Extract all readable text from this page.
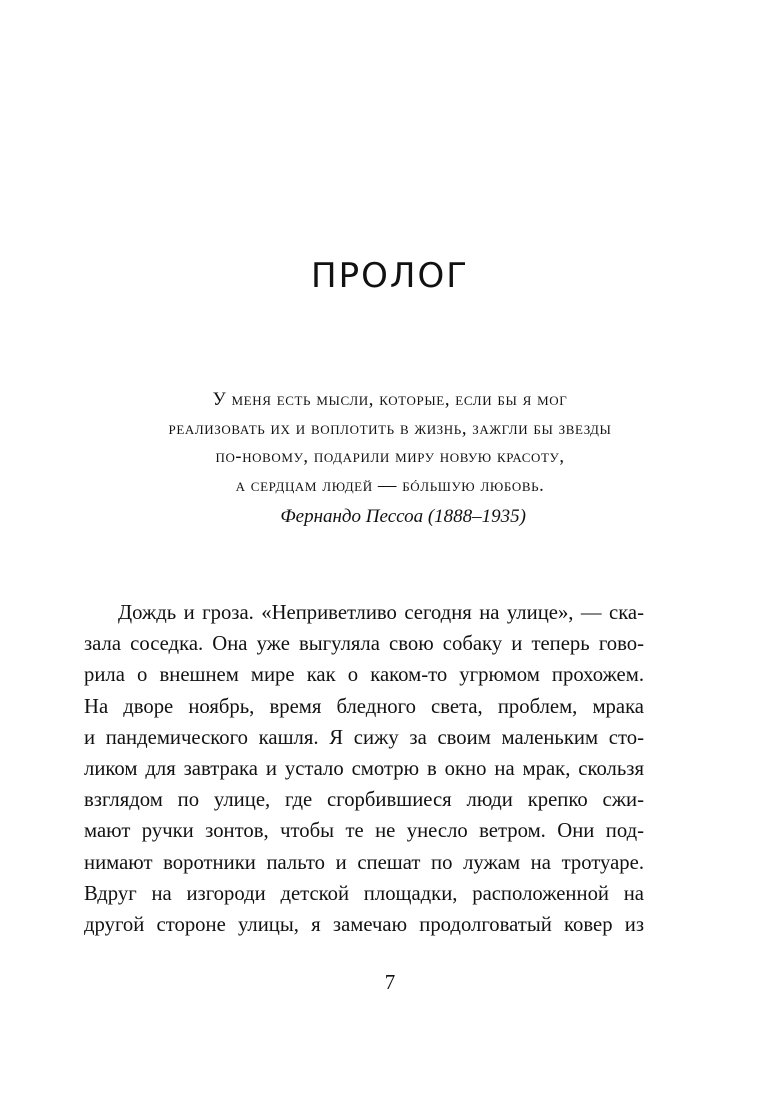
ПРОЛОГ
У меня есть мысли, которые, если бы я мог
реализовать их и воплотить в жизнь, зажгли бы звезды
по-новому, подарили миру новую красоту,
а сердцам людей — бóльшую любовь.
Фернандо Пессоа (1888–1935)
Дождь и гроза. «Неприветливо сегодня на улице», — ска-
зала соседка. Она уже выгуляла свою собаку и теперь гово-
рила о внешнем мире как о каком-то угрюмом прохожем.
На дворе ноябрь, время бледного света, проблем, мрака
и пандемического кашля. Я сижу за своим маленьким сто-
ликом для завтрака и устало смотрю в окно на мрак, скользя
взглядом по улице, где сгорбившиеся люди крепко сжи-
мают ручки зонтов, чтобы те не унесло ветром. Они под-
нимают воротники пальто и спешат по лужам на тротуаре.
Вдруг на изгороди детской площадки, расположенной на
другой стороне улицы, я замечаю продолговатый ковер из
7
